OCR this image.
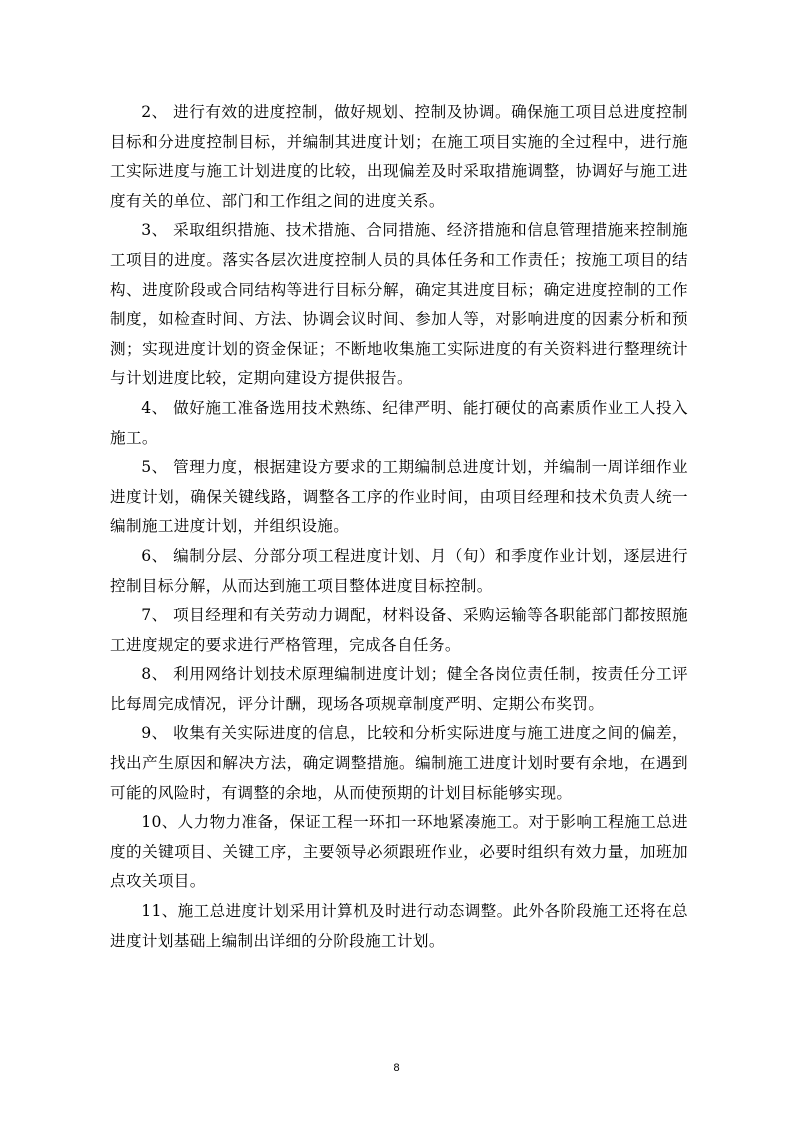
2、 进行有效的进度控制，做好规划、控制及协调。确保施工项目总进度控制目标和分进度控制目标，并编制其进度计划；在施工项目实施的全过程中，进行施工实际进度与施工计划进度的比较，出现偏差及时采取措施调整，协调好与施工进度有关的单位、部门和工作组之间的进度关系。

3、 采取组织措施、技术措施、合同措施、经济措施和信息管理措施来控制施工项目的进度。落实各层次进度控制人员的具体任务和工作责任；按施工项目的结构、进度阶段或合同结构等进行目标分解，确定其进度目标；确定进度控制的工作制度，如检查时间、方法、协调会议时间、参加人等，对影响进度的因素分析和预测；实现进度计划的资金保证；不断地收集施工实际进度的有关资料进行整理统计与计划进度比较，定期向建设方提供报告。

4、 做好施工准备选用技术熟练、纪律严明、能打硬仗的高素质作业工人投入施工。

5、 管理力度，根据建设方要求的工期编制总进度计划，并编制一周详细作业进度计划，确保关键线路，调整各工序的作业时间，由项目经理和技术负责人统一编制施工进度计划，并组织设施。

6、 编制分层、分部分项工程进度计划、月（旬）和季度作业计划，逐层进行控制目标分解，从而达到施工项目整体进度目标控制。

7、 项目经理和有关劳动力调配，材料设备、采购运输等各职能部门都按照施工进度规定的要求进行严格管理，完成各自任务。

8、 利用网络计划技术原理编制进度计划；健全各岗位责任制，按责任分工评比每周完成情况，评分计酬，现场各项规章制度严明、定期公布奖罚。

9、 收集有关实际进度的信息，比较和分析实际进度与施工进度之间的偏差，找出产生原因和解决方法，确定调整措施。编制施工进度计划时要有余地，在遇到可能的风险时，有调整的余地，从而使预期的计划目标能够实现。

10、人力物力准备，保证工程一环扣一环地紧凑施工。对于影响工程施工总进度的关键项目、关键工序，主要领导必须跟班作业，必要时组织有效力量，加班加点攻关项目。

11、施工总进度计划采用计算机及时进行动态调整。此外各阶段施工还将在总进度计划基础上编制出详细的分阶段施工计划。

8
